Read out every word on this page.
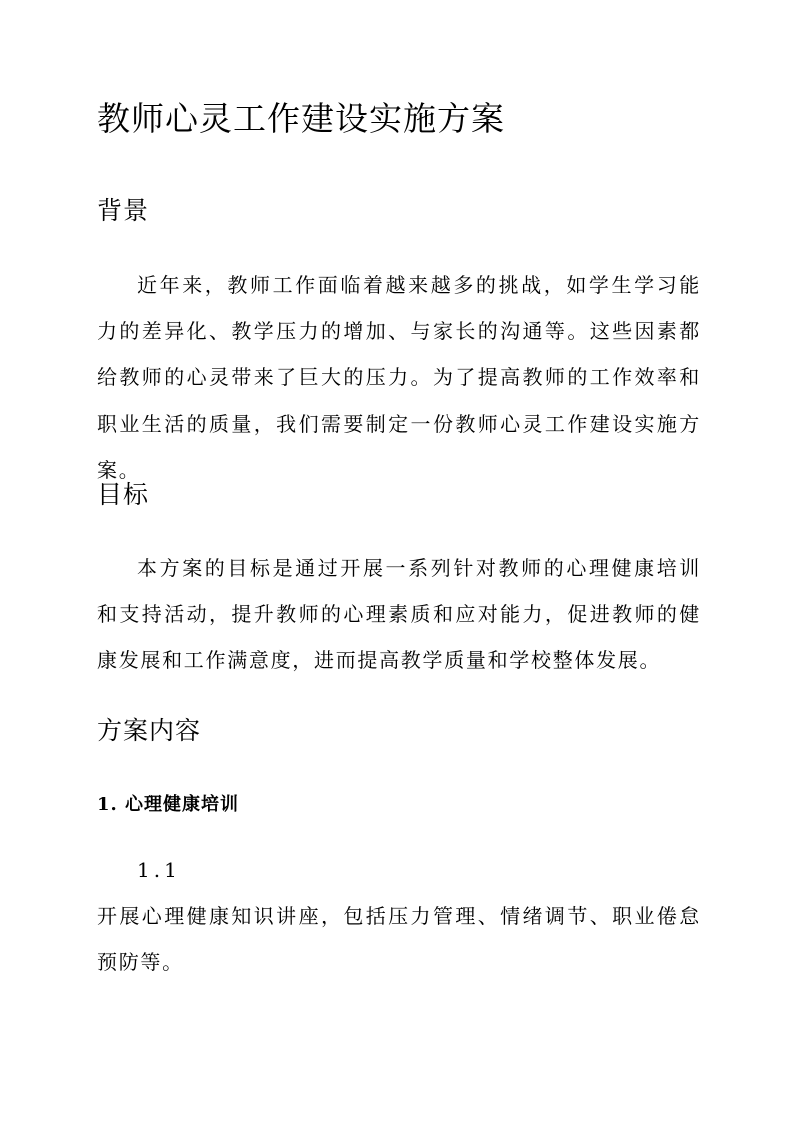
教师心灵工作建设实施方案
背景
近年来，教师工作面临着越来越多的挑战，如学生学习能力的差异化、教学压力的增加、与家长的沟通等。这些因素都给教师的心灵带来了巨大的压力。为了提高教师的工作效率和职业生活的质量，我们需要制定一份教师心灵工作建设实施方案。
目标
本方案的目标是通过开展一系列针对教师的心理健康培训和支持活动，提升教师的心理素质和应对能力，促进教师的健康发展和工作满意度，进而提高教学质量和学校整体发展。
方案内容
1. 心理健康培训
1.1
开展心理健康知识讲座，包括压力管理、情绪调节、职业倦怠预防等。
